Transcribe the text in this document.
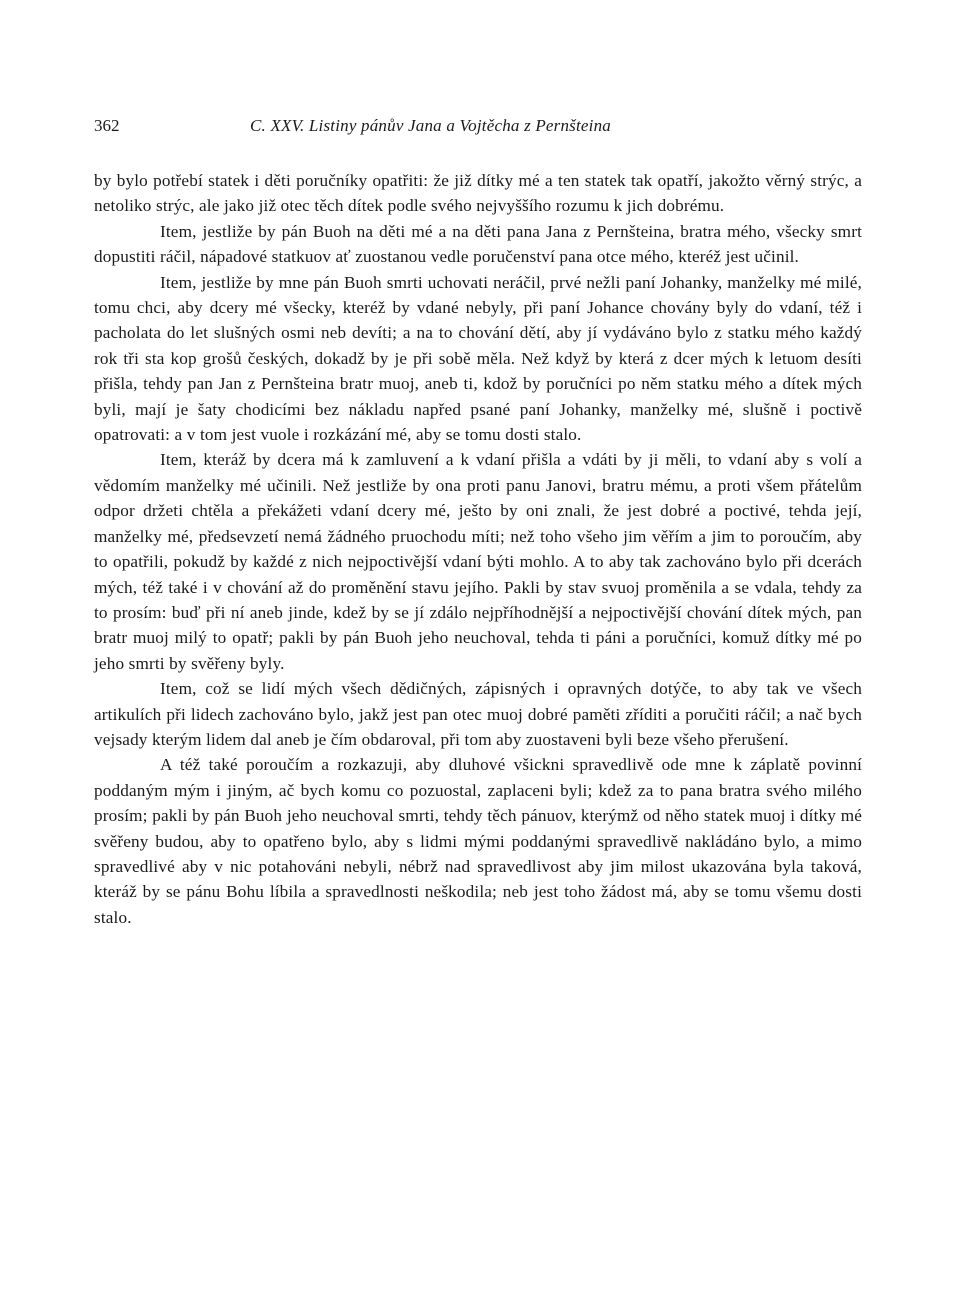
362	C. XXV. Listiny pánův Jana a Vojtěcha z Pernšteina

by bylo potřebí statek i děti poručníky opatřiti: že již dítky mé a ten statek tak opatří, jakožto věrný strýc, a netoliko strýc, ale jako již otec těch dítek podle svého nejvyššího rozumu k jich dobrému.

Item, jestliže by pán Buoh na děti mé a na děti pana Jana z Pernšteina, bratra mého, všecky smrt dopustiti ráčil, nápadové statkuov ať zuostanou vedle poručenství pana otce mého, kteréž jest učinil.

Item, jestliže by mne pán Buoh smrti uchovati neráčil, prvé nežli paní Johanky, manželky mé milé, tomu chci, aby dcery mé všecky, kteréž by vdané nebyly, při paní Johance chovány byly do vdaní, též i pacholata do let slušných osmi neb devíti; a na to chování dětí, aby jí vydáváno bylo z statku mého každý rok tři sta kop grošů českých, dokadž by je při sobě měla. Než když by která z dcer mých k letuom desíti přišla, tehdy pan Jan z Pernšteina bratr muoj, aneb ti, kdož by poručníci po něm statku mého a dítek mých byli, mají je šaty chodicími bez nákladu napřed psané paní Johanky, manželky mé, slušně i poctivě opatrovati: a v tom jest vuole i rozkázání mé, aby se tomu dosti stalo.

Item, kteráž by dcera má k zamluvení a k vdaní přišla a vdáti by ji měli, to vdaní aby s volí a vědomím manželky mé učinili. Než jestliže by ona proti panu Janovi, bratru mému, a proti všem přátelům odpor držeti chtěla a překážeti vdaní dcery mé, ješto by oni znali, že jest dobré a poctivé, tehda její, manželky mé, předsevzetí nemá žádného pruochodu míti; než toho všeho jim věřím a jim to poroučím, aby to opatřili, pokudž by každé z nich nejpoctivější vdaní býti mohlo. A to aby tak zachováno bylo při dcerách mých, též také i v chování až do proměnění stavu jejího. Pakli by stav svuoj proměnila a se vdala, tehdy za to prosím: buď při ní aneb jinde, kdež by se jí zdálo nejpříhodnější a nejpoctivější chování dítek mých, pan bratr muoj milý to opatř; pakli by pán Buoh jeho neuchoval, tehda ti páni a poručníci, komuž dítky mé po jeho smrti by svěřeny byly.

Item, což se lidí mých všech dědičných, zápisných i opravných dotýče, to aby tak ve všech artikulích při lidech zachováno bylo, jakž jest pan otec muoj dobré paměti zříditi a poručiti ráčil; a nač bych vejsady kterým lidem dal aneb je čím obdaroval, při tom aby zuostaveni byli beze všeho přerušení.

A též také poroučím a rozkazuji, aby dluhové všickni spravedlivě ode mne k záplatě povinní poddaným mým i jiným, ač bych komu co pozuostal, zaplaceni byli; kdež za to pana bratra svého milého prosím; pakli by pán Buoh jeho neuchoval smrti, tehdy těch pánuov, kterýmž od něho statek muoj i dítky mé svěřeny budou, aby to opatřeno bylo, aby s lidmi mými poddanými spravedlivě nakládáno bylo, a mimo spravedlivé aby v nic potahováni nebyli, nébrž nad spravedlivost aby jim milost ukazována byla taková, kteráž by se pánu Bohu líbila a spravedlnosti neškodila; neb jest toho žádost má, aby se tomu všemu dosti stalo.
